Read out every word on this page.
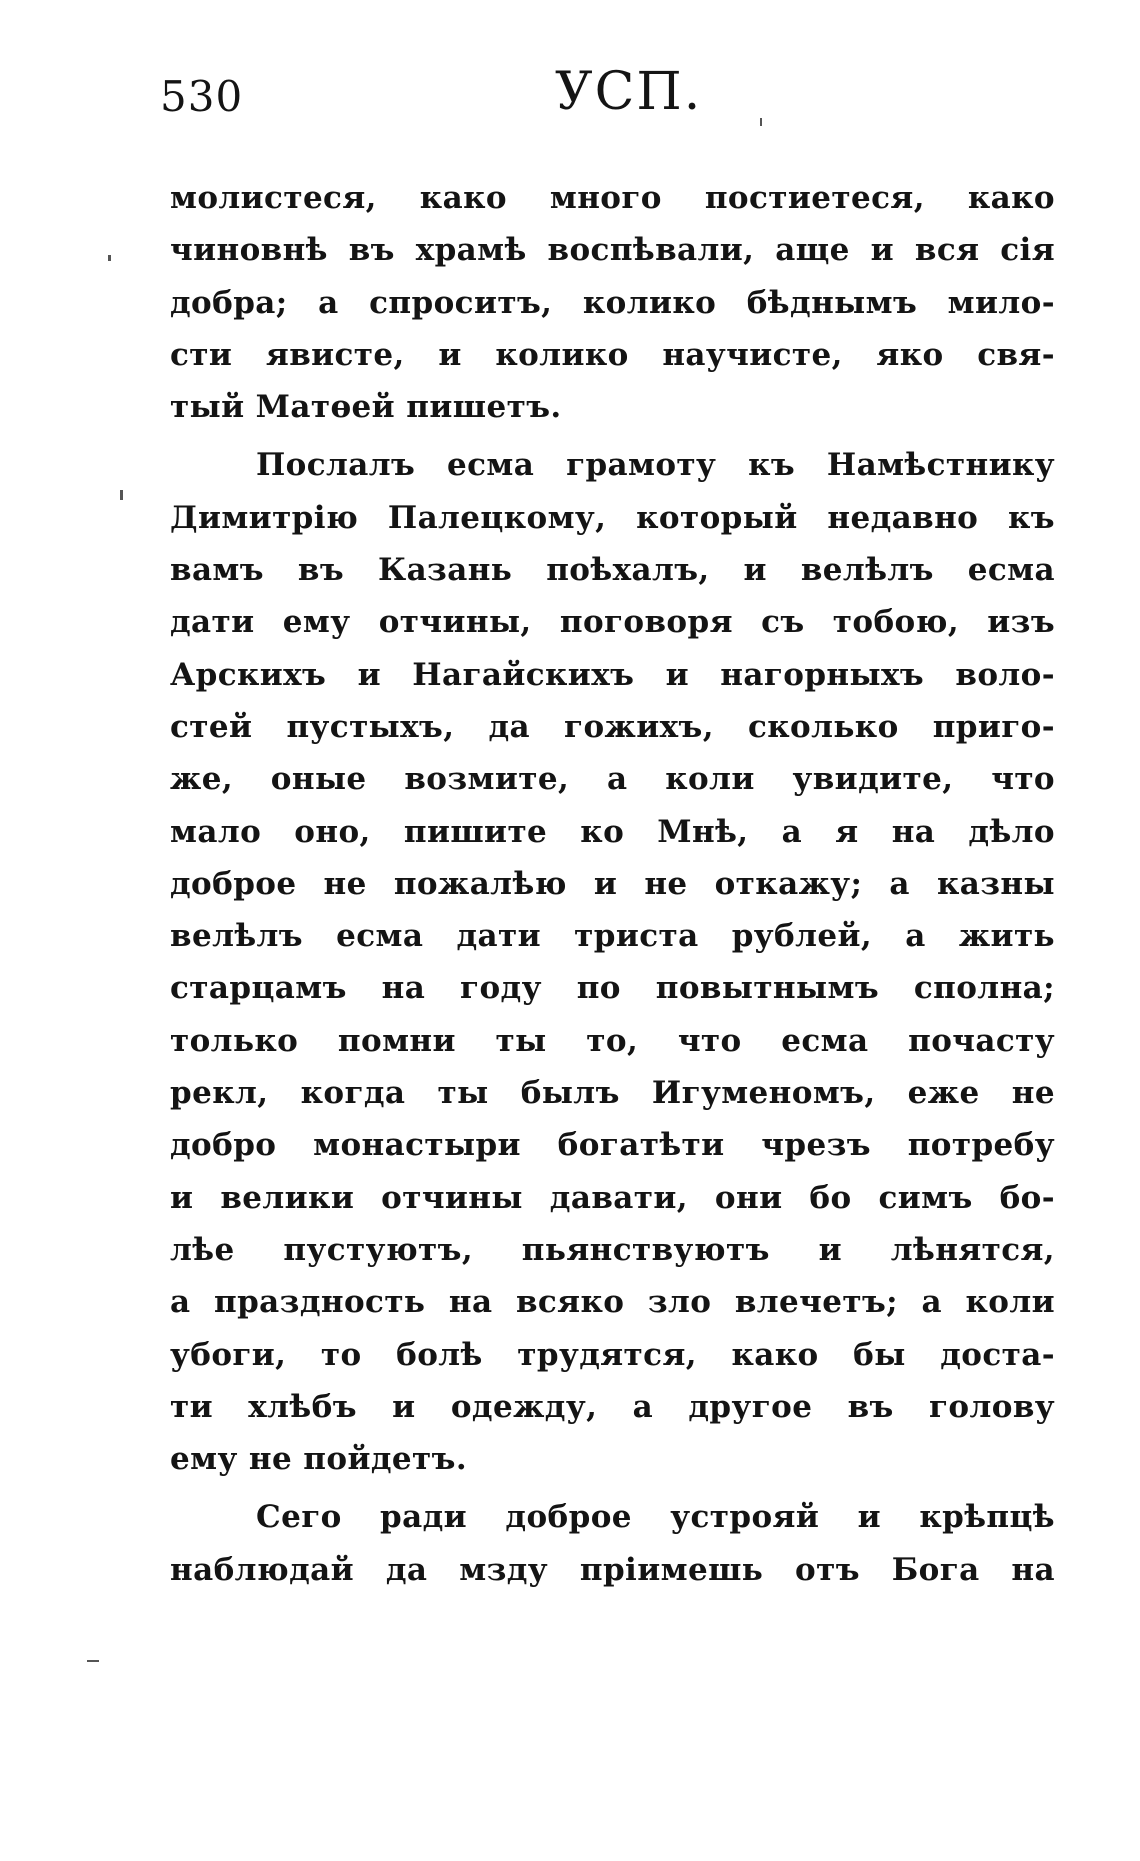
530	УСП.
молистеся, како много постиетеся, како
чиновнѣ въ храмѣ воспѣвали, аще и вся сія
добра; а спроситъ, колико бѣднымъ мило-
сти явисте, и колико научисте, яко свя-
тый Матөей пишетъ.
Послалъ есма грамоту къ Намѣстнику
Димитрію Палецкому, который недавно къ
вамъ въ Казань поѣхалъ, и велѣлъ есма
дати ему отчины, поговоря съ тобою, изъ
Арскихъ и Нагайскихъ и нагорныхъ воло-
стей пустыхъ, да гожихъ, сколько приго-
же, оные возмите, а коли увидите, что
мало оно, пишите ко Мнѣ, а я на дѣло
доброе не пожалѣю и не откажу; а казны
велѣлъ есма дати триста рублей, а жить
старцамъ на году по повытнымъ сполна;
только помни ты то, что есма почасту
рекл, когда ты былъ Игуменомъ, еже не
добро монастыри богатѣти чрезъ потребу
и велики отчины давати, они бо симъ бо-
лѣе пустуютъ, пьянствуютъ и лѣнятся,
а праздность на всяко зло влечетъ; а коли
убоги, то болѣ трудятся, како бы доста-
ти хлѣбъ и одежду, а другое въ голову
ему не пойдетъ.
Сего ради доброе устрояй и крѣпцѣ
наблюдай да мзду пріимешь отъ Бога на
